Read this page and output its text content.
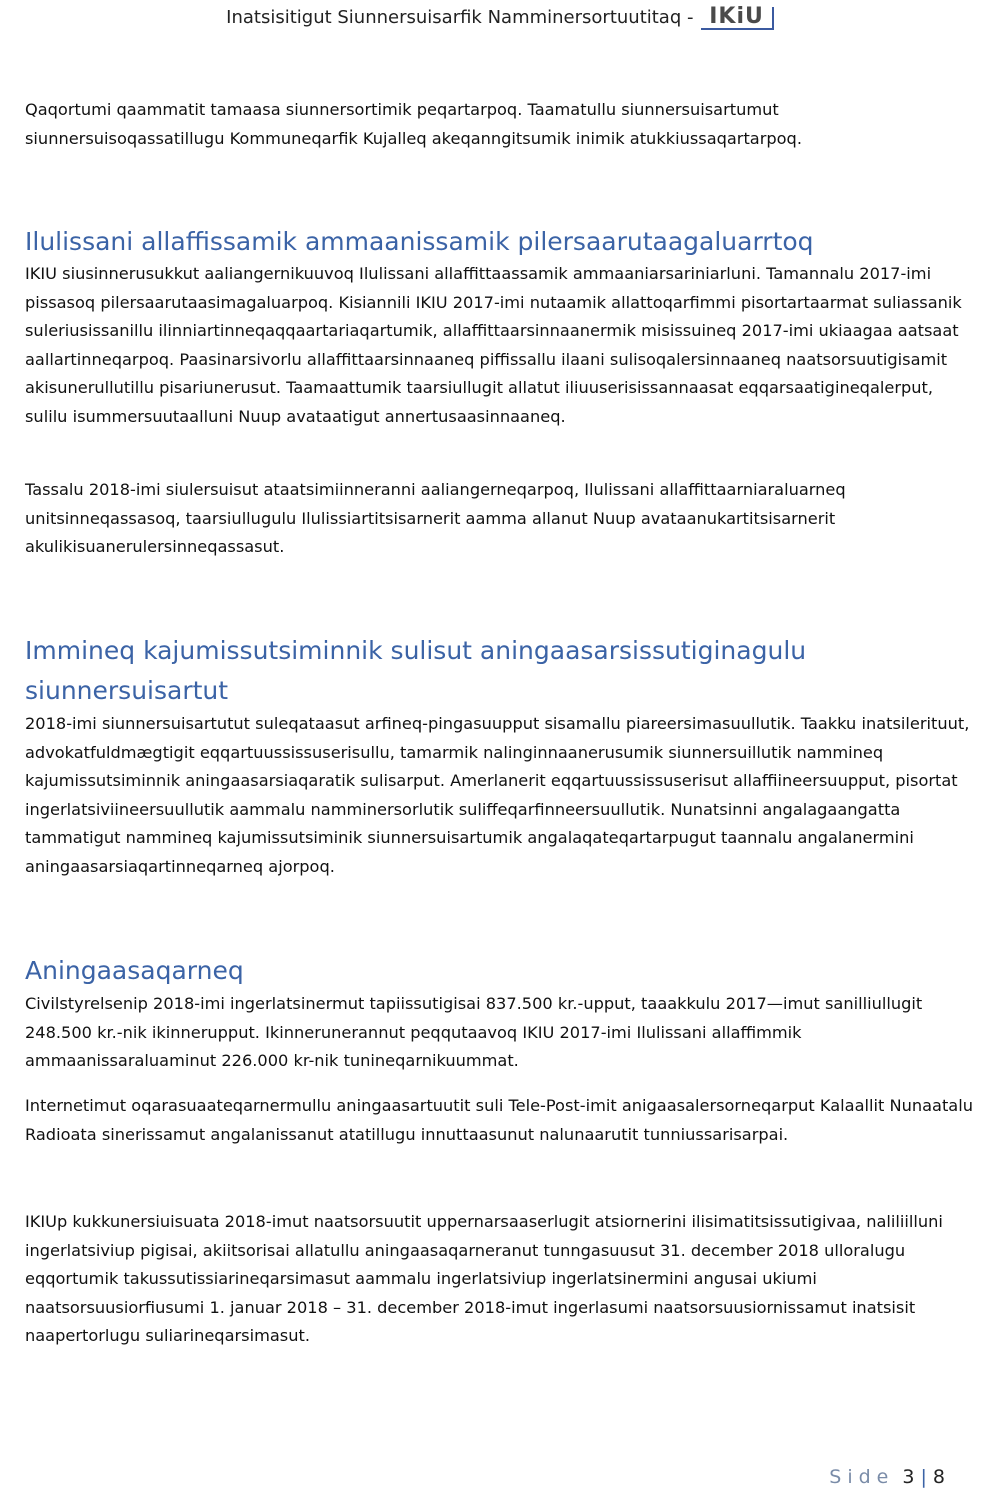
Inatsisitigut Siunnersuisarfik Namminersortuutitaq - IKiU

Qaqortumi qaammatit tamaasa siunnersortimik peqartarpoq. Taamatullu siunnersuisartumut siunnersuisoqassatillugu Kommuneqarfik Kujalleq akeqanngitsumik inimik atukkiussaqartarpoq.

Ilulissani allaffissamik ammaanissamik pilersaarutaagaluarrtoq

IKIU siusinnerusukkut aaliangernikuuvoq Ilulissani allaffittaassamik ammaaniarsariniarluni. Tamannalu 2017-imi pissasoq pilersaarutaasimagaluarpoq. Kisiannili IKIU 2017-imi nutaamik allattoqarfimmi pisortartaarmat suliassanik suleriusissanillu ilinniartinneqaqqaartariaqartumik, allaffittaarsinnaanermik misissuineq 2017-imi ukiaagaa aatsaat aallartinneqarpoq. Paasinarsivorlu allaffittaarsinnaaneq piffissallu ilaani sulisoqalersinnaaneq naatsorsuutigisamit akisunerullutillu pisariunerusut. Taamaattumik taarsiullugit allatut iliuuserisissannaasat eqqarsaatigineqalerput, sulilu isummersuutaalluni Nuup avataatigut annertusaasinnaaneq.

Tassalu 2018-imi siulersuisut ataatsimiinneranni aaliangerneqarpoq, Ilulissani allaffittaarniaraluarneq unitsinneqassasoq, taarsiullugulu Ilulissiartitsisarnerit aamma allanut Nuup avataanukartitsisarnerit akulikisuanerulersinneqassasut.

Immineq kajumissutsiminnik sulisut aningaasarsissutiginagulu siunnersuisartut

2018-imi siunnersuisartutut suleqataasut arfineq-pingasuupput sisamallu piareersimasuullutik. Taakku inatsilerituut, advokatfuldmægtigit eqqartuussissuserisullu, tamarmik nalinginnaanerusumik siunnersuillutik nammineq kajumissutsiminnik aningaasarsiaqaratik sulisarput. Amerlanerit eqqartuussissuserisut allaffiineersuupput, pisortat ingerlatsiviineersuullutik aammalu namminersorlutik suliffeqarfinneersuullutik. Nunatsinni angalagaangatta tammatigut nammineq kajumissutsiminik siunnersuisartumik angalaqateqartarpugut taannalu angalanermini aningaasarsiaqartinneqarneq ajorpoq.

Aningaasaqarneq

Civilstyrelsenip 2018-imi ingerlatsinermut tapiissutigisai 837.500 kr.-upput, taaakkulu 2017—imut sanilliullugit 248.500 kr.-nik ikinnerupput. Ikinnerunerannut peqqutaavoq IKIU 2017-imi Ilulissani allaffimmik ammaanissaraluaminut 226.000 kr-nik tunineqarnikuummat.

Internetimut oqarasuaateqarnermullu aningaasartuutit suli Tele-Post-imit anigaasalersorneqarput Kalaallit Nunaatalu Radioata sinerissamut angalanissanut atatillugu innuttaasunut nalunaarutit tunniussarisarpai.

IKIUp kukkunersiuisuata 2018-imut naatsorsuutit uppernarsaaserlugit atsiornerini ilisimatitsissutigivaa, naliliilluni ingerlatsiviup pigisai, akiitsorisai allatullu aningaasaqarneranut tunngasuusut 31. december 2018 ulloralugu eqqortumik takussutissiarineqarsimasut aammalu ingerlatsiviup ingerlatsinermini angusai ukiumi naatsorsuusiorfiusumi 1. januar 2018 – 31. december 2018-imut ingerlasumi naatsorsuusiornissamut inatsisit naapertorlugu suliarineqarsimasut.

Side 3 | 8
